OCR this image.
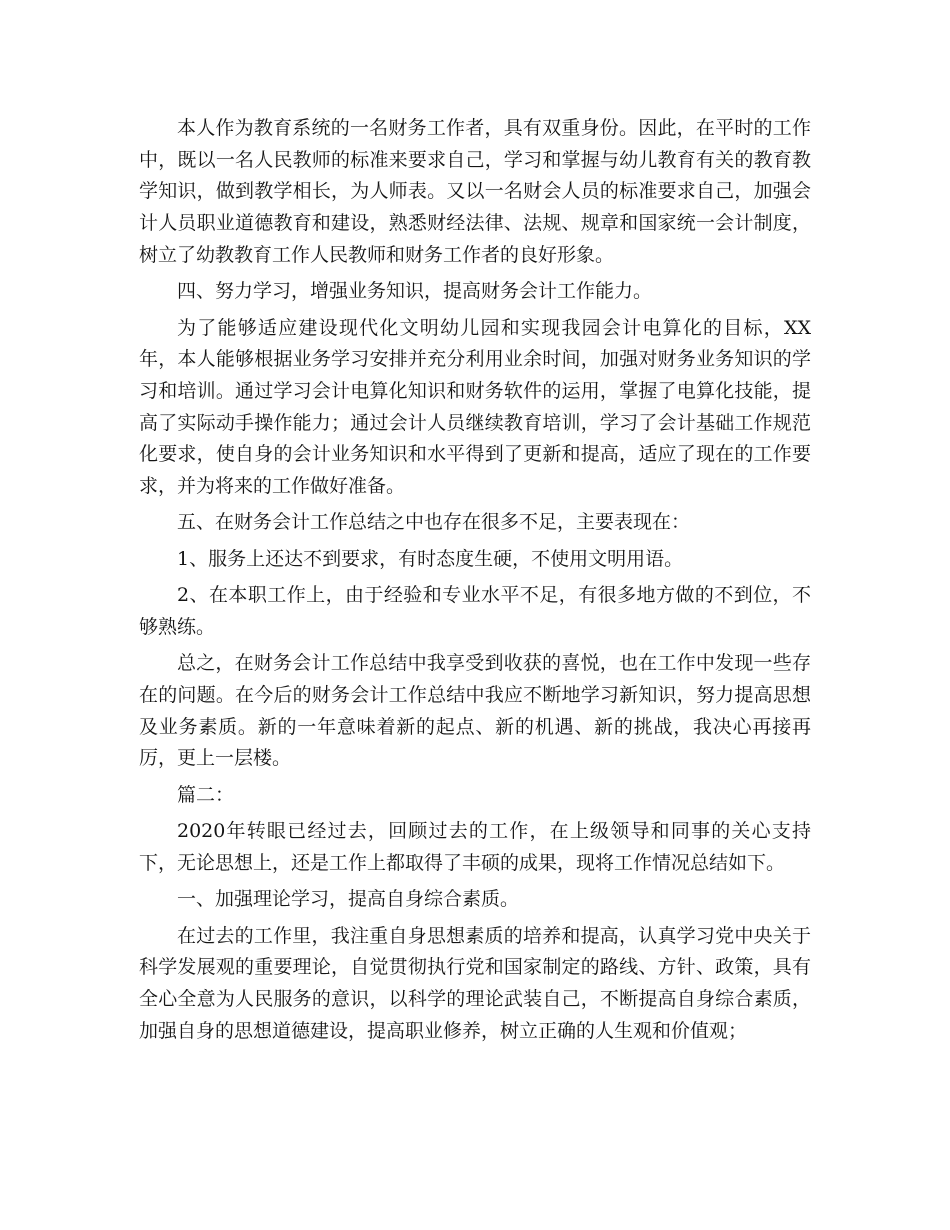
本人作为教育系统的一名财务工作者，具有双重身份。因此，在平时的工作中，既以一名人民教师的标准来要求自己，学习和掌握与幼儿教育有关的教育教学知识，做到教学相长，为人师表。又以一名财会人员的标准要求自己，加强会计人员职业道德教育和建设，熟悉财经法律、法规、规章和国家统一会计制度，树立了幼教教育工作人民教师和财务工作者的良好形象。

四、努力学习，增强业务知识，提高财务会计工作能力。

为了能够适应建设现代化文明幼儿园和实现我园会计电算化的目标，XX年，本人能够根据业务学习安排并充分利用业余时间，加强对财务业务知识的学习和培训。通过学习会计电算化知识和财务软件的运用，掌握了电算化技能，提高了实际动手操作能力；通过会计人员继续教育培训，学习了会计基础工作规范化要求，使自身的会计业务知识和水平得到了更新和提高，适应了现在的工作要求，并为将来的工作做好准备。

五、在财务会计工作总结之中也存在很多不足，主要表现在：

1、服务上还达不到要求，有时态度生硬，不使用文明用语。

2、在本职工作上，由于经验和专业水平不足，有很多地方做的不到位，不够熟练。

总之，在财务会计工作总结中我享受到收获的喜悦，也在工作中发现一些存在的问题。在今后的财务会计工作总结中我应不断地学习新知识，努力提高思想及业务素质。新的一年意味着新的起点、新的机遇、新的挑战，我决心再接再厉，更上一层楼。

篇二：

2020年转眼已经过去，回顾过去的工作，在上级领导和同事的关心支持下，无论思想上，还是工作上都取得了丰硕的成果，现将工作情况总结如下。

一、加强理论学习，提高自身综合素质。

在过去的工作里，我注重自身思想素质的培养和提高，认真学习党中央关于科学发展观的重要理论，自觉贯彻执行党和国家制定的路线、方针、政策，具有全心全意为人民服务的意识，以科学的理论武装自己，不断提高自身综合素质，加强自身的思想道德建设，提高职业修养，树立正确的人生观和价值观；
